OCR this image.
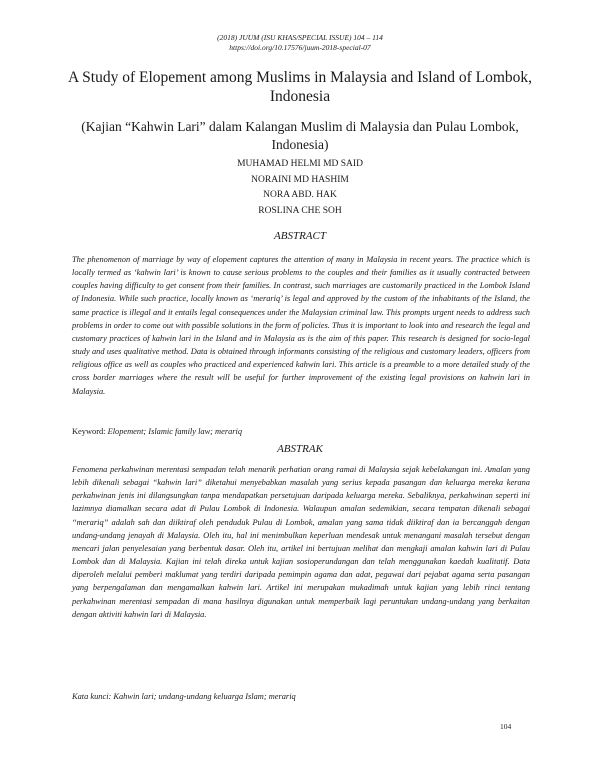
(2018) JUUM (ISU KHAS/SPECIAL ISSUE) 104 – 114
https://doi.org/10.17576/juum-2018-special-07
A Study of Elopement among Muslims in Malaysia and Island of Lombok, Indonesia
(Kajian “Kahwin Lari” dalam Kalangan Muslim di Malaysia dan Pulau Lombok, Indonesia)
MUHAMAD HELMI MD SAID
NORAINI MD HASHIM
NORA ABD. HAK
ROSLINA CHE SOH
ABSTRACT

The phenomenon of marriage by way of elopement captures the attention of many in Malaysia in recent years. The practice which is locally termed as ‘kahwin lari’ is known to cause serious problems to the couples and their families as it usually contracted between couples having difficulty to get consent from their families. In contrast, such marriages are customarily practiced in the Lombok Island of Indonesia. While such practice, locally known as ‘merariq’ is legal and approved by the custom of the inhabitants of the Island, the same practice is illegal and it entails legal consequences under the Malaysian criminal law. This prompts urgent needs to address such problems in order to come out with possible solutions in the form of policies. Thus it is important to look into and research the legal and customary practices of kahwin lari in the Island and in Malaysia as is the aim of this paper. This research is designed for socio-legal study and uses qualitative method. Data is obtained through informants consisting of the religious and customary leaders, officers from religious office as well as couples who practiced and experienced kahwin lari. This article is a preamble to a more detailed study of the cross border marriages where the result will be useful for further improvement of the existing legal provisions on kahwin lari in Malaysia.

Keyword: Elopement; Islamic family law; merariq
ABSTRAK

Fenomena perkahwinan merentasi sempadan telah menarik perhatian orang ramai di Malaysia sejak kebelakangan ini. Amalan yang lebih dikenali sebagai “kahwin lari” diketahui menyebabkan masalah yang serius kepada pasangan dan keluarga mereka kerana perkahwinan jenis ini dilangsungkan tanpa mendapatkan persetujuan daripada keluarga mereka. Sebaliknya, perkahwinan seperti ini lazimnya diamalkan secara adat di Pulau Lombok di Indonesia. Walaupun amalan sedemikian, secara tempatan dikenali sebagai “merariq” adalah sah dan diiktiraf oleh penduduk Pulau di Lombok, amalan yang sama tidak diiktiraf dan ia bercanggah dengan undang-undang jenayah di Malaysia. Oleh itu, hal ini menimbulkan keperluan mendesak untuk menangani masalah tersebut dengan mencari jalan penyelesaian yang berbentuk dasar. Oleh itu, artikel ini bertujuan melihat dan mengkaji amalan kahwin lari di Pulau Lombok dan di Malaysia. Kajian ini telah direka untuk kajian sosioperundangan dan telah menggunakan kaedah kualitatif. Data diperoleh melalui pemberi maklumat yang terdiri daripada pemimpin agama dan adat, pegawai dari pejabat agama serta pasangan yang berpengalaman dan mengamalkan kahwin lari. Artikel ini merupakan mukadimah untuk kajian yang lebih rinci tentang perkahwinan merentasi sempadan di mana hasilnya digunakan untuk memperbaik lagi peruntukan undang-undang yang berkaitan dengan aktiviti kahwin lari di Malaysia.

Kata kunci: Kahwin lari; undang-undang keluarga Islam; merariq
104
